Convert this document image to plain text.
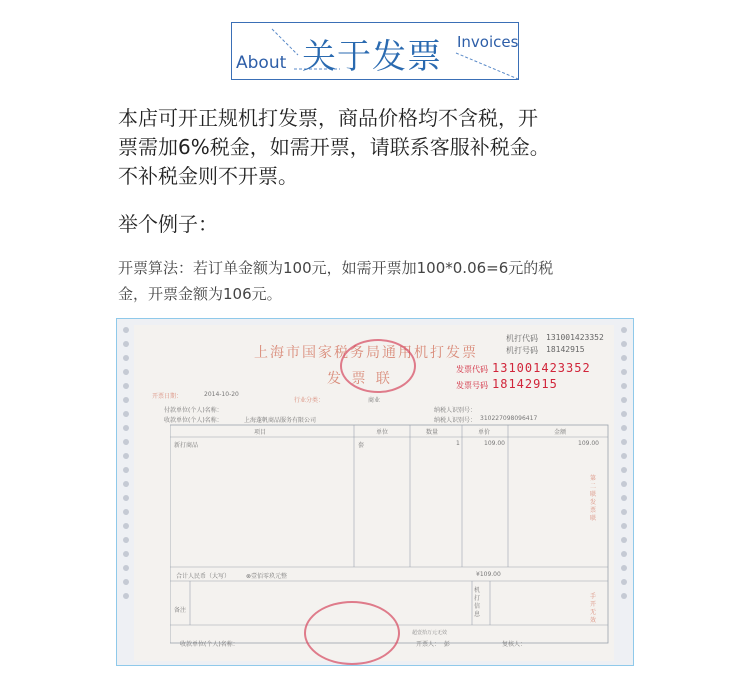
About 关于发票 Invoices
本店可开正规机打发票，商品价格均不含税，开
票需加6%税金，如需开票，请联系客服补税金。
不补税金则不开票。
举个例子：
开票算法：若订单金额为100元，如需开票加100*0.06=6元的税
金，开票金额为106元。
上海市国家税务局通用机打发票
发 票 联
机打代码 131001423352
机打号码 18142915
发票代码 131001423352
发票号码 18142915
开票日期：	2014-10-20
行业分类：	商业
付款单位(个人)名称：	纳税人识别号：
收款单位(个人)名称：	上海蓬帆商品服务有限公司	纳税人识别号： 310227098096417
项目	单位	数量	单价	金额
新打商品	套	1	109.00	109.00
合计人民币（大写）	⊗壹佰零玖元整	¥109.00
备注
机打信息
超壹拾万元无效
收款单位(个人)名称：	开票人： 彭	复核人：
第二联 发票联
手开无效
